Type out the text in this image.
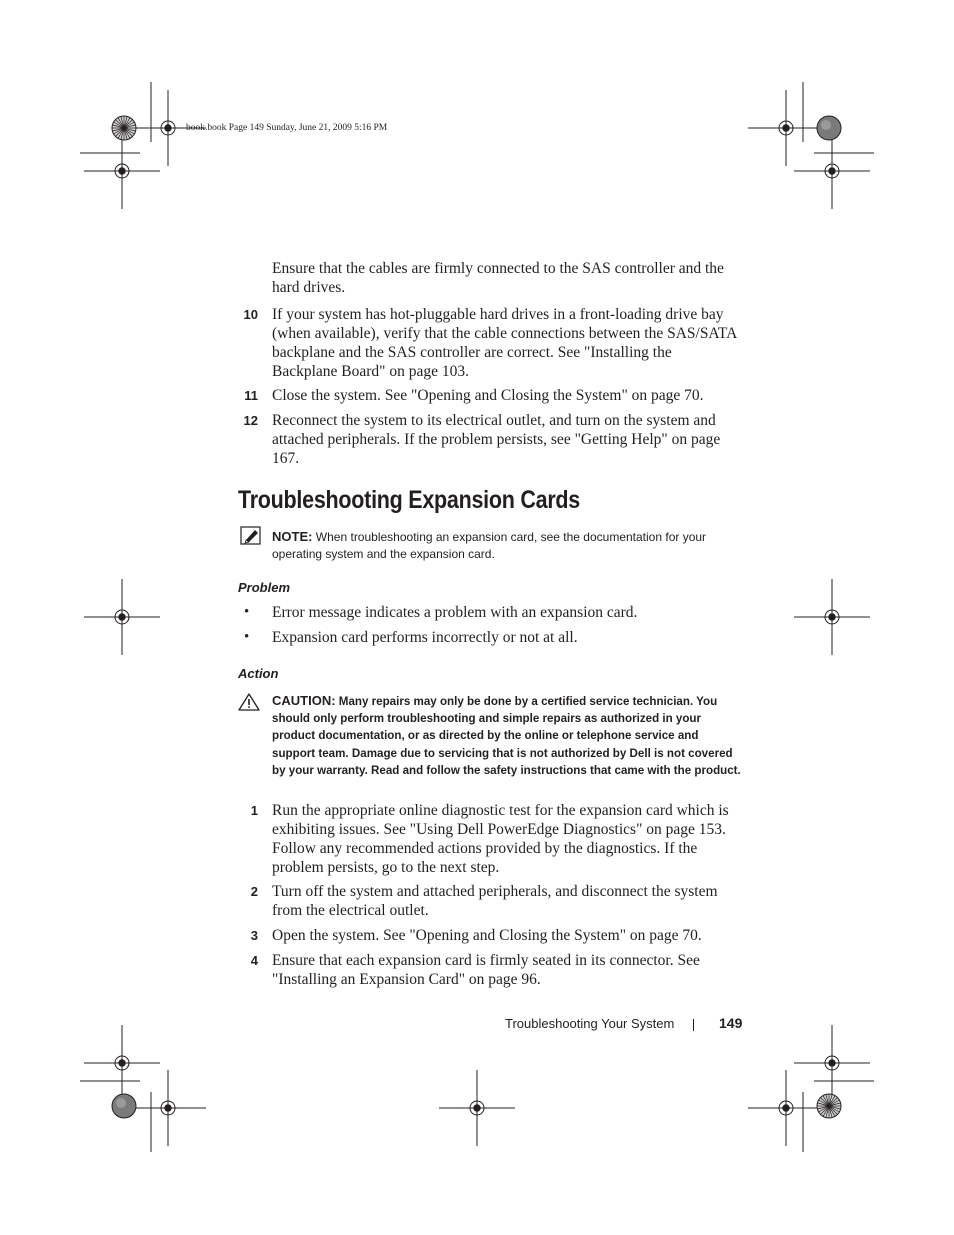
book.book Page 149 Sunday, June 21, 2009 5:16 PM
Ensure that the cables are firmly connected to the SAS controller and the hard drives.
10 If your system has hot-pluggable hard drives in a front-loading drive bay (when available), verify that the cable connections between the SAS/SATA backplane and the SAS controller are correct. See "Installing the Backplane Board" on page 103.
11 Close the system. See "Opening and Closing the System" on page 70.
12 Reconnect the system to its electrical outlet, and turn on the system and attached peripherals. If the problem persists, see "Getting Help" on page 167.
Troubleshooting Expansion Cards
NOTE: When troubleshooting an expansion card, see the documentation for your operating system and the expansion card.
Problem
• Error message indicates a problem with an expansion card.
• Expansion card performs incorrectly or not at all.
Action
CAUTION: Many repairs may only be done by a certified service technician. You should only perform troubleshooting and simple repairs as authorized in your product documentation, or as directed by the online or telephone service and support team. Damage due to servicing that is not authorized by Dell is not covered by your warranty. Read and follow the safety instructions that came with the product.
1 Run the appropriate online diagnostic test for the expansion card which is exhibiting issues. See "Using Dell PowerEdge Diagnostics" on page 153. Follow any recommended actions provided by the diagnostics. If the problem persists, go to the next step.
2 Turn off the system and attached peripherals, and disconnect the system from the electrical outlet.
3 Open the system. See "Opening and Closing the System" on page 70.
4 Ensure that each expansion card is firmly seated in its connector. See "Installing an Expansion Card" on page 96.
Troubleshooting Your System	149
